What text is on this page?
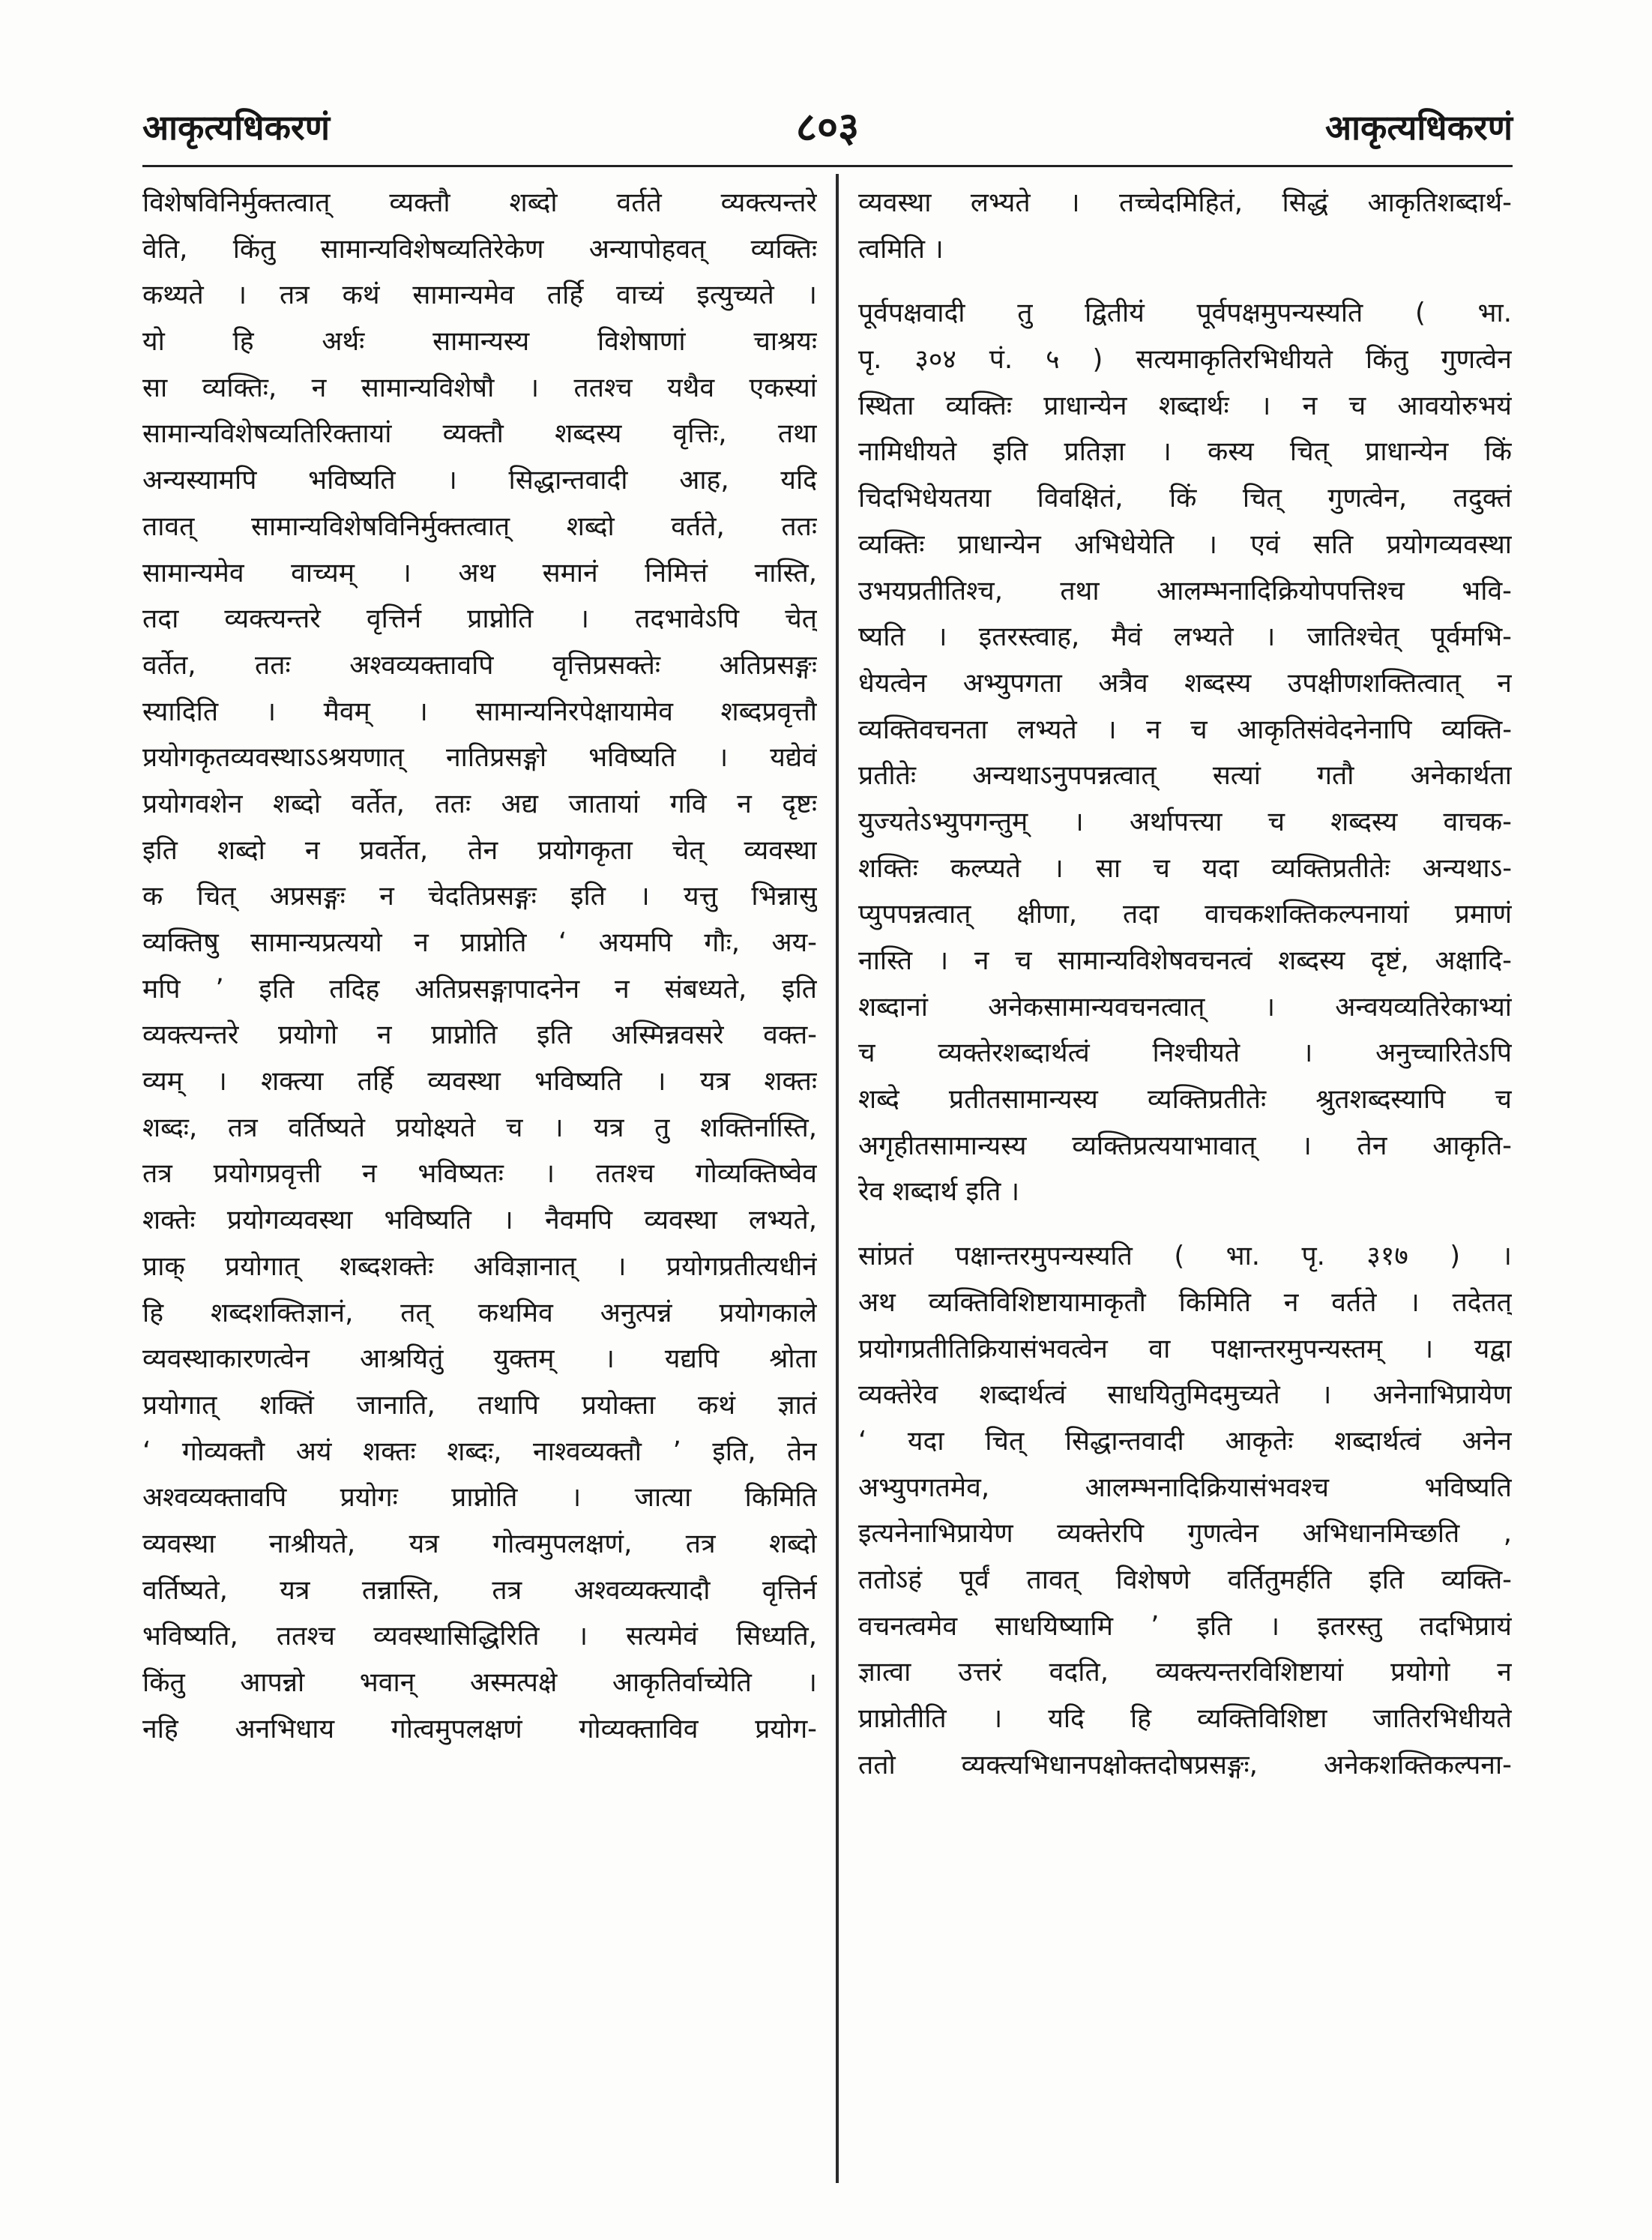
आकृत्यधिकरणं	८०३	आकृत्यधिकरणं
विशेषविनिर्मुक्तत्वात् व्यक्तौ शब्दो वर्तते व्यक्त्यन्तरे
वेति, किंतु सामान्यविशेषव्यतिरेकेण अन्यापोहवत् व्यक्तिः
कथ्यते । तत्र कथं सामान्यमेव तर्हि वाच्यं इत्युच्यते ।
यो हि अर्थः सामान्यस्य विशेषाणां चाश्रयः
सा व्यक्तिः, न सामान्यविशेषौ । ततश्च यथैव एकस्यां
सामान्यविशेषव्यतिरिक्तायां व्यक्तौ शब्दस्य वृत्तिः, तथा
अन्यस्यामपि भविष्यति । सिद्धान्तवादी आह, यदि
तावत् सामान्यविशेषविनिर्मुक्तत्वात् शब्दो वर्तते, ततः
सामान्यमेव वाच्यम् । अथ समानं निमित्तं नास्ति,
तदा व्यक्त्यन्तरे वृत्तिर्न प्राप्नोति । तदभावेऽपि चेत्
वर्तेत, ततः अश्वव्यक्तावपि वृत्तिप्रसक्तेः अतिप्रसङ्गः
स्यादिति । मैवम् । सामान्यनिरपेक्षायामेव शब्दप्रवृत्तौ
प्रयोगकृतव्यवस्थाऽऽश्रयणात् नातिप्रसङ्गो भविष्यति । यद्येवं
प्रयोगवशेन शब्दो वर्तेत, ततः अद्य जातायां गवि न दृष्टः
इति शब्दो न प्रवर्तेत, तेन प्रयोगकृता चेत् व्यवस्था
क चित् अप्रसङ्गः न चेदतिप्रसङ्गः इति । यत्तु भिन्नासु
व्यक्तिषु सामान्यप्रत्ययो न प्राप्नोति ‘ अयमपि गौः, अय-
मपि ’ इति तदिह अतिप्रसङ्गापादनेन न संबध्यते, इति
व्यक्त्यन्तरे प्रयोगो न प्राप्नोति इति अस्मिन्नवसरे वक्त-
व्यम् । शक्त्या तर्हि व्यवस्था भविष्यति । यत्र शक्तः
शब्दः, तत्र वर्तिष्यते प्रयोक्ष्यते च । यत्र तु शक्तिर्नास्ति,
तत्र प्रयोगप्रवृत्ती न भविष्यतः । ततश्च गोव्यक्तिष्वेव
शक्तेः प्रयोगव्यवस्था भविष्यति । नैवमपि व्यवस्था लभ्यते,
प्राक् प्रयोगात् शब्दशक्तेः अविज्ञानात् । प्रयोगप्रतीत्यधीनं
हि शब्दशक्तिज्ञानं, तत् कथमिव अनुत्पन्नं प्रयोगकाले
व्यवस्थाकारणत्वेन आश्रयितुं युक्तम् । यद्यपि श्रोता
प्रयोगात् शक्तिं जानाति, तथापि प्रयोक्ता कथं ज्ञातं
‘ गोव्यक्तौ अयं शक्तः शब्दः, नाश्वव्यक्तौ ’ इति, तेन
अश्वव्यक्तावपि प्रयोगः प्राप्नोति । जात्या किमिति
व्यवस्था नाश्रीयते, यत्र गोत्वमुपलक्षणं, तत्र शब्दो
वर्तिष्यते, यत्र तन्नास्ति, तत्र अश्वव्यक्त्यादौ वृत्तिर्न
भविष्यति, ततश्च व्यवस्थासिद्धिरिति । सत्यमेवं सिध्यति,
किंतु आपन्नो भवान् अस्मत्पक्षे आकृतिर्वाच्येति ।
नहि अनभिधाय गोत्वमुपलक्षणं गोव्यक्ताविव प्रयोग-
व्यवस्था लभ्यते । तच्चेदमिहितं, सिद्धं आकृतिशब्दार्थ-
त्वमिति ।
पूर्वपक्षवादी तु द्वितीयं पूर्वपक्षमुपन्यस्यति ( भा.
पृ. ३०४ पं. ५ ) सत्यमाकृतिरभिधीयते किंतु गुणत्वेन
स्थिता व्यक्तिः प्राधान्येन शब्दार्थः । न च आवयोरुभयं
नामिधीयते इति प्रतिज्ञा । कस्य चित् प्राधान्येन किं
चिदभिधेयतया विवक्षितं, किं चित् गुणत्वेन, तदुक्तं
व्यक्तिः प्राधान्येन अभिधेयेति । एवं सति प्रयोगव्यवस्था
उभयप्रतीतिश्च, तथा आलम्भनादिक्रियोपपत्तिश्च भवि-
ष्यति । इतरस्त्वाह, मैवं लभ्यते । जातिश्चेत् पूर्वमभि-
धेयत्वेन अभ्युपगता अत्रैव शब्दस्य उपक्षीणशक्तित्वात् न
व्यक्तिवचनता लभ्यते । न च आकृतिसंवेदनेनापि व्यक्ति-
प्रतीतेः अन्यथाऽनुपपन्नत्वात् सत्यां गतौ अनेकार्थता
युज्यतेऽभ्युपगन्तुम् । अर्थापत्त्या च शब्दस्य वाचक-
शक्तिः कल्प्यते । सा च यदा व्यक्तिप्रतीतेः अन्यथाऽ-
प्युपपन्नत्वात् क्षीणा, तदा वाचकशक्तिकल्पनायां प्रमाणं
नास्ति । न च सामान्यविशेषवचनत्वं शब्दस्य दृष्टं, अक्षादि-
शब्दानां अनेकसामान्यवचनत्वात् । अन्वयव्यतिरेकाभ्यां
च व्यक्तेरशब्दार्थत्वं निश्चीयते । अनुच्चारितेऽपि
शब्दे प्रतीतसामान्यस्य व्यक्तिप्रतीतेः श्रुतशब्दस्यापि च
अगृहीतसामान्यस्य व्यक्तिप्रत्ययाभावात् । तेन आकृति-
रेव शब्दार्थ इति ।
सांप्रतं पक्षान्तरमुपन्यस्यति ( भा. पृ. ३१७ ) ।
अथ व्यक्तिविशिष्टायामाकृतौ किमिति न वर्तते । तदेतत्
प्रयोगप्रतीतिक्रियासंभवत्वेन वा पक्षान्तरमुपन्यस्तम् । यद्वा
व्यक्तेरेव शब्दार्थत्वं साधयितुमिदमुच्यते । अनेनाभिप्रायेण
‘ यदा चित् सिद्धान्तवादी आकृतेः शब्दार्थत्वं अनेन
अभ्युपगतमेव, आलम्भनादिक्रियासंभवश्च भविष्यति
इत्यनेनाभिप्रायेण व्यक्तेरपि गुणत्वेन अभिधानमिच्छति ,
ततोऽहं पूर्वं तावत् विशेषणे वर्तितुमर्हति इति व्यक्ति-
वचनत्वमेव साधयिष्यामि ’ इति । इतरस्तु तदभिप्रायं
ज्ञात्वा उत्तरं वदति, व्यक्त्यन्तरविशिष्टायां प्रयोगो न
प्राप्नोतीति । यदि हि व्यक्तिविशिष्टा जातिरभिधीयते
ततो व्यक्त्यभिधानपक्षोक्तदोषप्रसङ्गः, अनेकशक्तिकल्पना-
